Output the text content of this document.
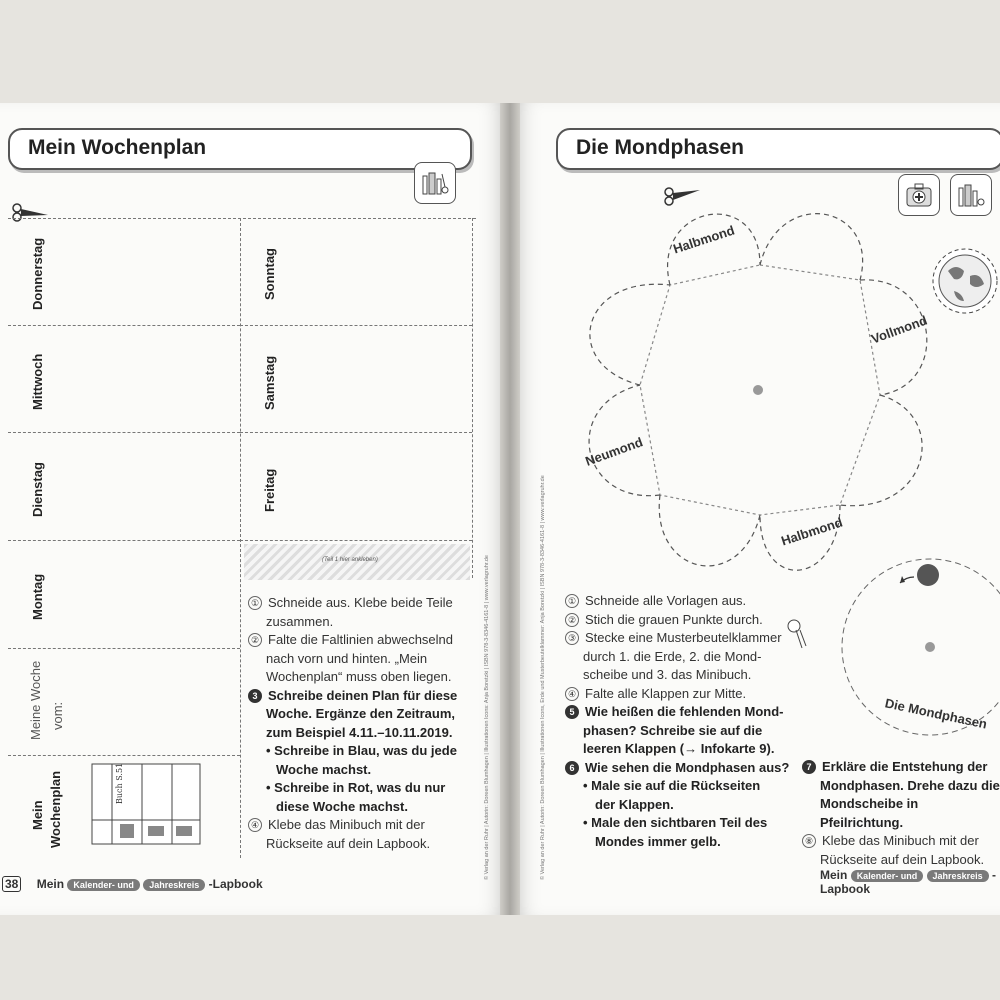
Mein Wochenplan
(Teil 1 hier ankleben)
Donnerstag
Mittwoch
Dienstag
Montag
Meine Woche vom:
Mein Wochenplan	Buch S.51
Sonntag
Samstag
Freitag
© Verlag an der Ruhr | Autorin: Doreen Blumhagen | Illustrationen Icons: Anja Boretzki | ISBN 978-3-8346-4161-8 | www.verlagruhr.de
① Schneide aus. Klebe beide Teile
zusammen.
② Falte die Faltlinien abwechselnd
nach vorn und hinten. „Mein
Wochenplan“ muss oben liegen.
3 Schreibe deinen Plan für diese
Woche. Ergänze den Zeitraum,
zum Beispiel 4.11.–10.11.2019.
• Schreibe in Blau, was du jede
Woche machst.
• Schreibe in Rot, was du nur
diese Woche machst.
④ Klebe das Minibuch mit der
Rückseite auf dein Lapbook.
38 Mein Kalender- und Jahreskreis -Lapbook
Die Mondphasen
Halbmond
Vollmond
Neumond
Halbmond
Die Mondphasen
© Verlag an der Ruhr | Autorin: Doreen Blumhagen | Illustrationen Icons, Erde und Musterbeutelklammer: Anja Boretzki | ISBN 978-3-8346-4161-8 | www.verlagruhr.de	① Schneide alle Vorlagen aus.
② Stich die grauen Punkte durch.
③ Stecke eine Musterbeutelklammer
durch 1. die Erde, 2. die Mond-
scheibe und 3. das Minibuch.
④ Falte alle Klappen zur Mitte.
5 Wie heißen die fehlenden Mond-
phasen? Schreibe sie auf die
leeren Klappen (→ Infokarte 9).
6 Wie sehen die Mondphasen aus?
• Male sie auf die Rückseiten
der Klappen.
• Male den sichtbaren Teil des
Mondes immer gelb.
7 Erkläre die Entstehung der
Mondphasen. Drehe dazu die
Mondscheibe in Pfeilrichtung.
⑧ Klebe das Minibuch mit der
Rückseite auf dein Lapbook.
Mein Kalender- und Jahreskreis -Lapbook
